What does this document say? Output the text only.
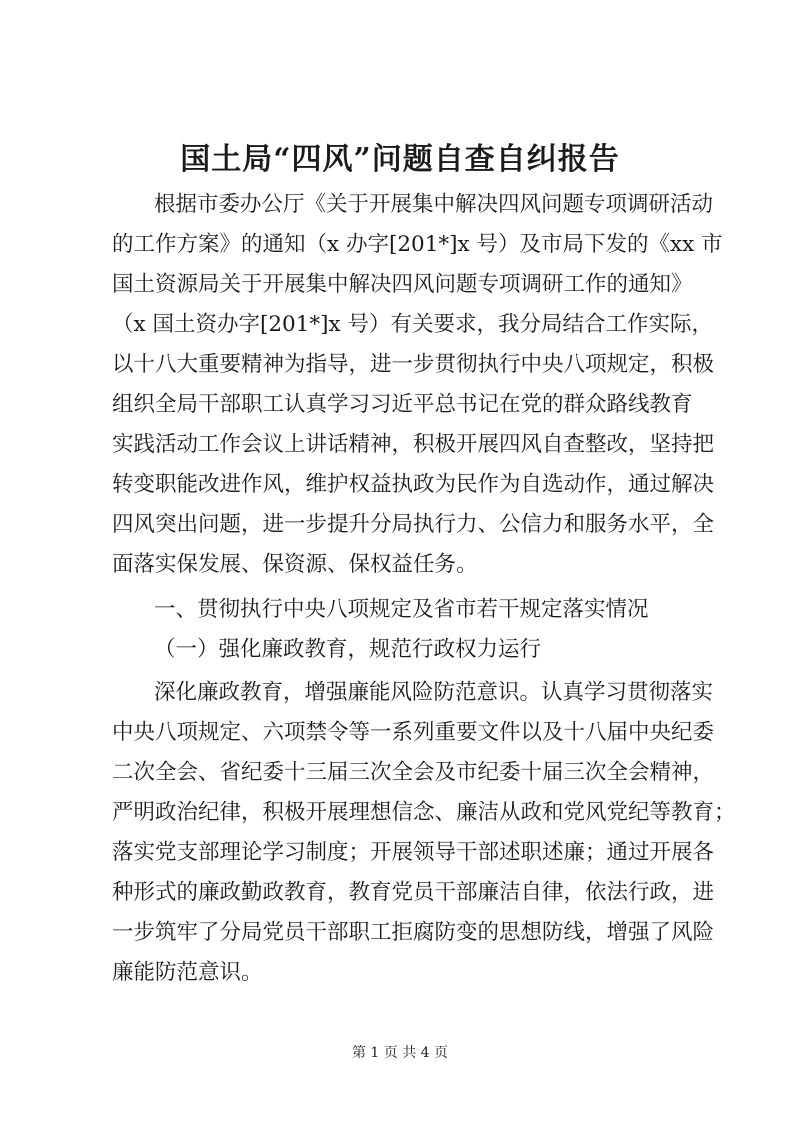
国土局“四风”问题自查自纠报告
根据市委办公厅《关于开展集中解决四风问题专项调研活动
的工作方案》的通知（x 办字[201*]x 号）及市局下发的《xx 市
国土资源局关于开展集中解决四风问题专项调研工作的通知》
（x 国土资办字[201*]x 号）有关要求，我分局结合工作实际，
以十八大重要精神为指导，进一步贯彻执行中央八项规定，积极
组织全局干部职工认真学习习近平总书记在党的群众路线教育
实践活动工作会议上讲话精神，积极开展四风自查整改，坚持把
转变职能改进作风，维护权益执政为民作为自选动作，通过解决
四风突出问题，进一步提升分局执行力、公信力和服务水平，全
面落实保发展、保资源、保权益任务。
一、贯彻执行中央八项规定及省市若干规定落实情况
（一）强化廉政教育，规范行政权力运行
深化廉政教育，增强廉能风险防范意识。认真学习贯彻落实
中央八项规定、六项禁令等一系列重要文件以及十八届中央纪委
二次全会、省纪委十三届三次全会及市纪委十届三次全会精神，
严明政治纪律，积极开展理想信念、廉洁从政和党风党纪等教育；
落实党支部理论学习制度；开展领导干部述职述廉；通过开展各
种形式的廉政勤政教育，教育党员干部廉洁自律，依法行政，进
一步筑牢了分局党员干部职工拒腐防变的思想防线，增强了风险
廉能防范意识。
第 1 页 共 4 页
